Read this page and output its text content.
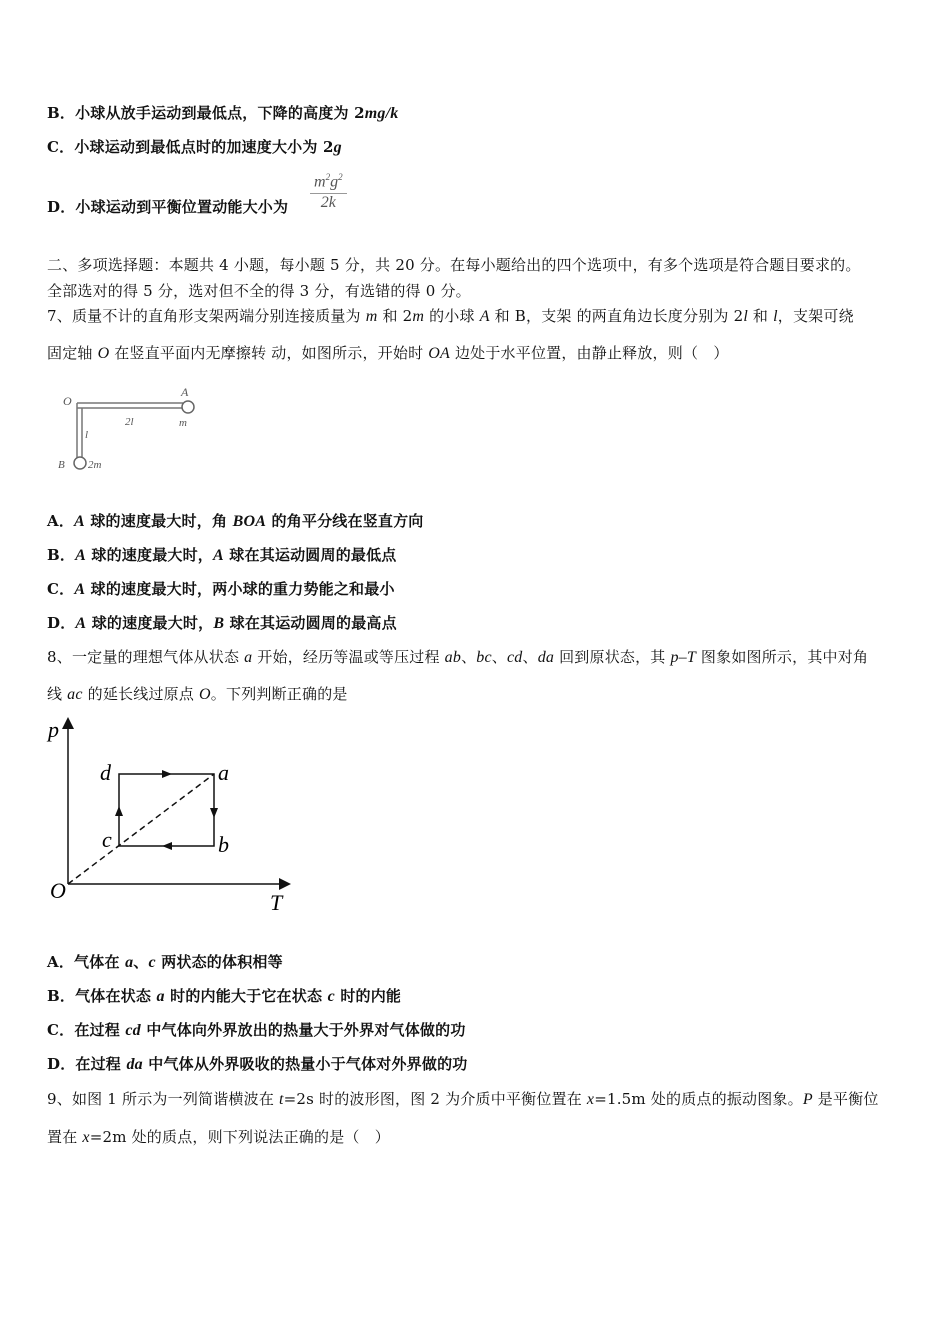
B．小球从放手运动到最低点，下降的高度为 2mg/k
C．小球运动到最低点时的加速度大小为 2g
D．小球运动到平衡位置动能大小为 $\frac{m^2g^2}{2k}$
二、多项选择题：本题共 4 小题，每小题 5 分，共 20 分。在每小题给出的四个选项中，有多个选项是符合题目要求的。
全部选对的得 5 分，选对但不全的得 3 分，有选错的得 0 分。
7、质量不计的直角形支架两端分别连接质量为 m 和 2m 的小球 A 和 B，支架 的两直角边长度分别为 2l 和 l，支架可绕
固定轴 O 在竖直平面内无摩擦转 动，如图所示，开始时 OA 边处于水平位置，由静止释放，则（　）
O
A
m
2l
l
B 2m
A．A 球的速度最大时，角 BOA 的角平分线在竖直方向
B．A 球的速度最大时，A 球在其运动圆周的最低点
C．A 球的速度最大时，两小球的重力势能之和最小
D．A 球的速度最大时，B 球在其运动圆周的最高点
8、一定量的理想气体从状态 a 开始，经历等温或等压过程 ab、bc、cd、da 回到原状态，其 p–T 图象如图所示，其中对角
线 ac 的延长线过原点 O。下列判断正确的是
p
T
O
a
b
c
d
A．气体在 a、c 两状态的体积相等
B．气体在状态 a 时的内能大于它在状态 c 时的内能
C．在过程 cd 中气体向外界放出的热量大于外界对气体做的功
D．在过程 da 中气体从外界吸收的热量小于气体对外界做的功
9、如图 1 所示为一列简谐横波在 t=2s 时的波形图，图 2 为介质中平衡位置在 x=1.5m 处的质点的振动图象。P 是平衡位
置在 x=2m 处的质点，则下列说法正确的是（　）
